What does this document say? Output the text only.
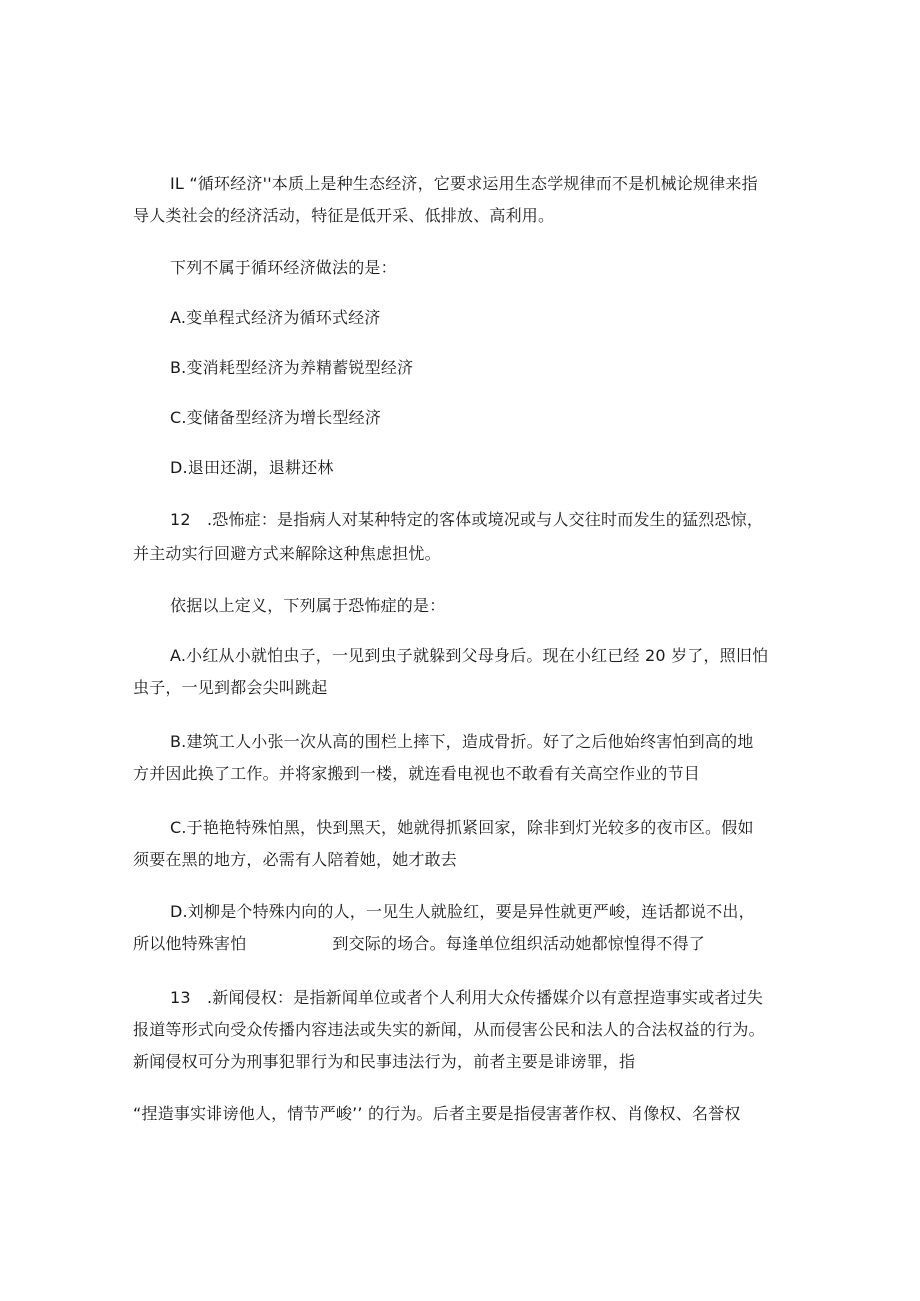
IL “循环经济''本质上是种生态经济，它要求运用生态学规律而不是机械论规律来指
导人类社会的经济活动，特征是低开采、低排放、高利用。
下列不属于循环经济做法的是：
A.变单程式经济为循环式经济
B.变消耗型经济为养精蓄锐型经济
C.变储备型经济为增长型经济
D.退田还湖，退耕还林
12　.恐怖症：是指病人对某种特定的客体或境况或与人交往时而发生的猛烈恐惊，
并主动实行回避方式来解除这种焦虑担忧。
依据以上定义，下列属于恐怖症的是：
A.小红从小就怕虫子，一见到虫子就躲到父母身后。现在小红已经 20 岁了，照旧怕
虫子，一见到都会尖叫跳起
B.建筑工人小张一次从高的围栏上摔下，造成骨折。好了之后他始终害怕到高的地
方并因此换了工作。并将家搬到一楼，就连看电视也不敢看有关高空作业的节目
C.于艳艳特殊怕黑，快到黑天，她就得抓紧回家，除非到灯光较多的夜市区。假如
须要在黑的地方，必需有人陪着她，她才敢去
D.刘柳是个特殊内向的人，一见生人就脸红，要是异性就更严峻，连话都说不出，
所以他特殊害怕	到交际的场合。每逢单位组织活动她都惊惶得不得了
13　.新闻侵权：是指新闻单位或者个人利用大众传播媒介以有意捏造事实或者过失
报道等形式向受众传播内容违法或失实的新闻，从而侵害公民和法人的合法权益的行为。
新闻侵权可分为刑事犯罪行为和民事违法行为，前者主要是诽谤罪，指
“捏造事实诽谤他人，情节严峻’’ 的行为。后者主要是指侵害著作权、肖像权、名誉权
